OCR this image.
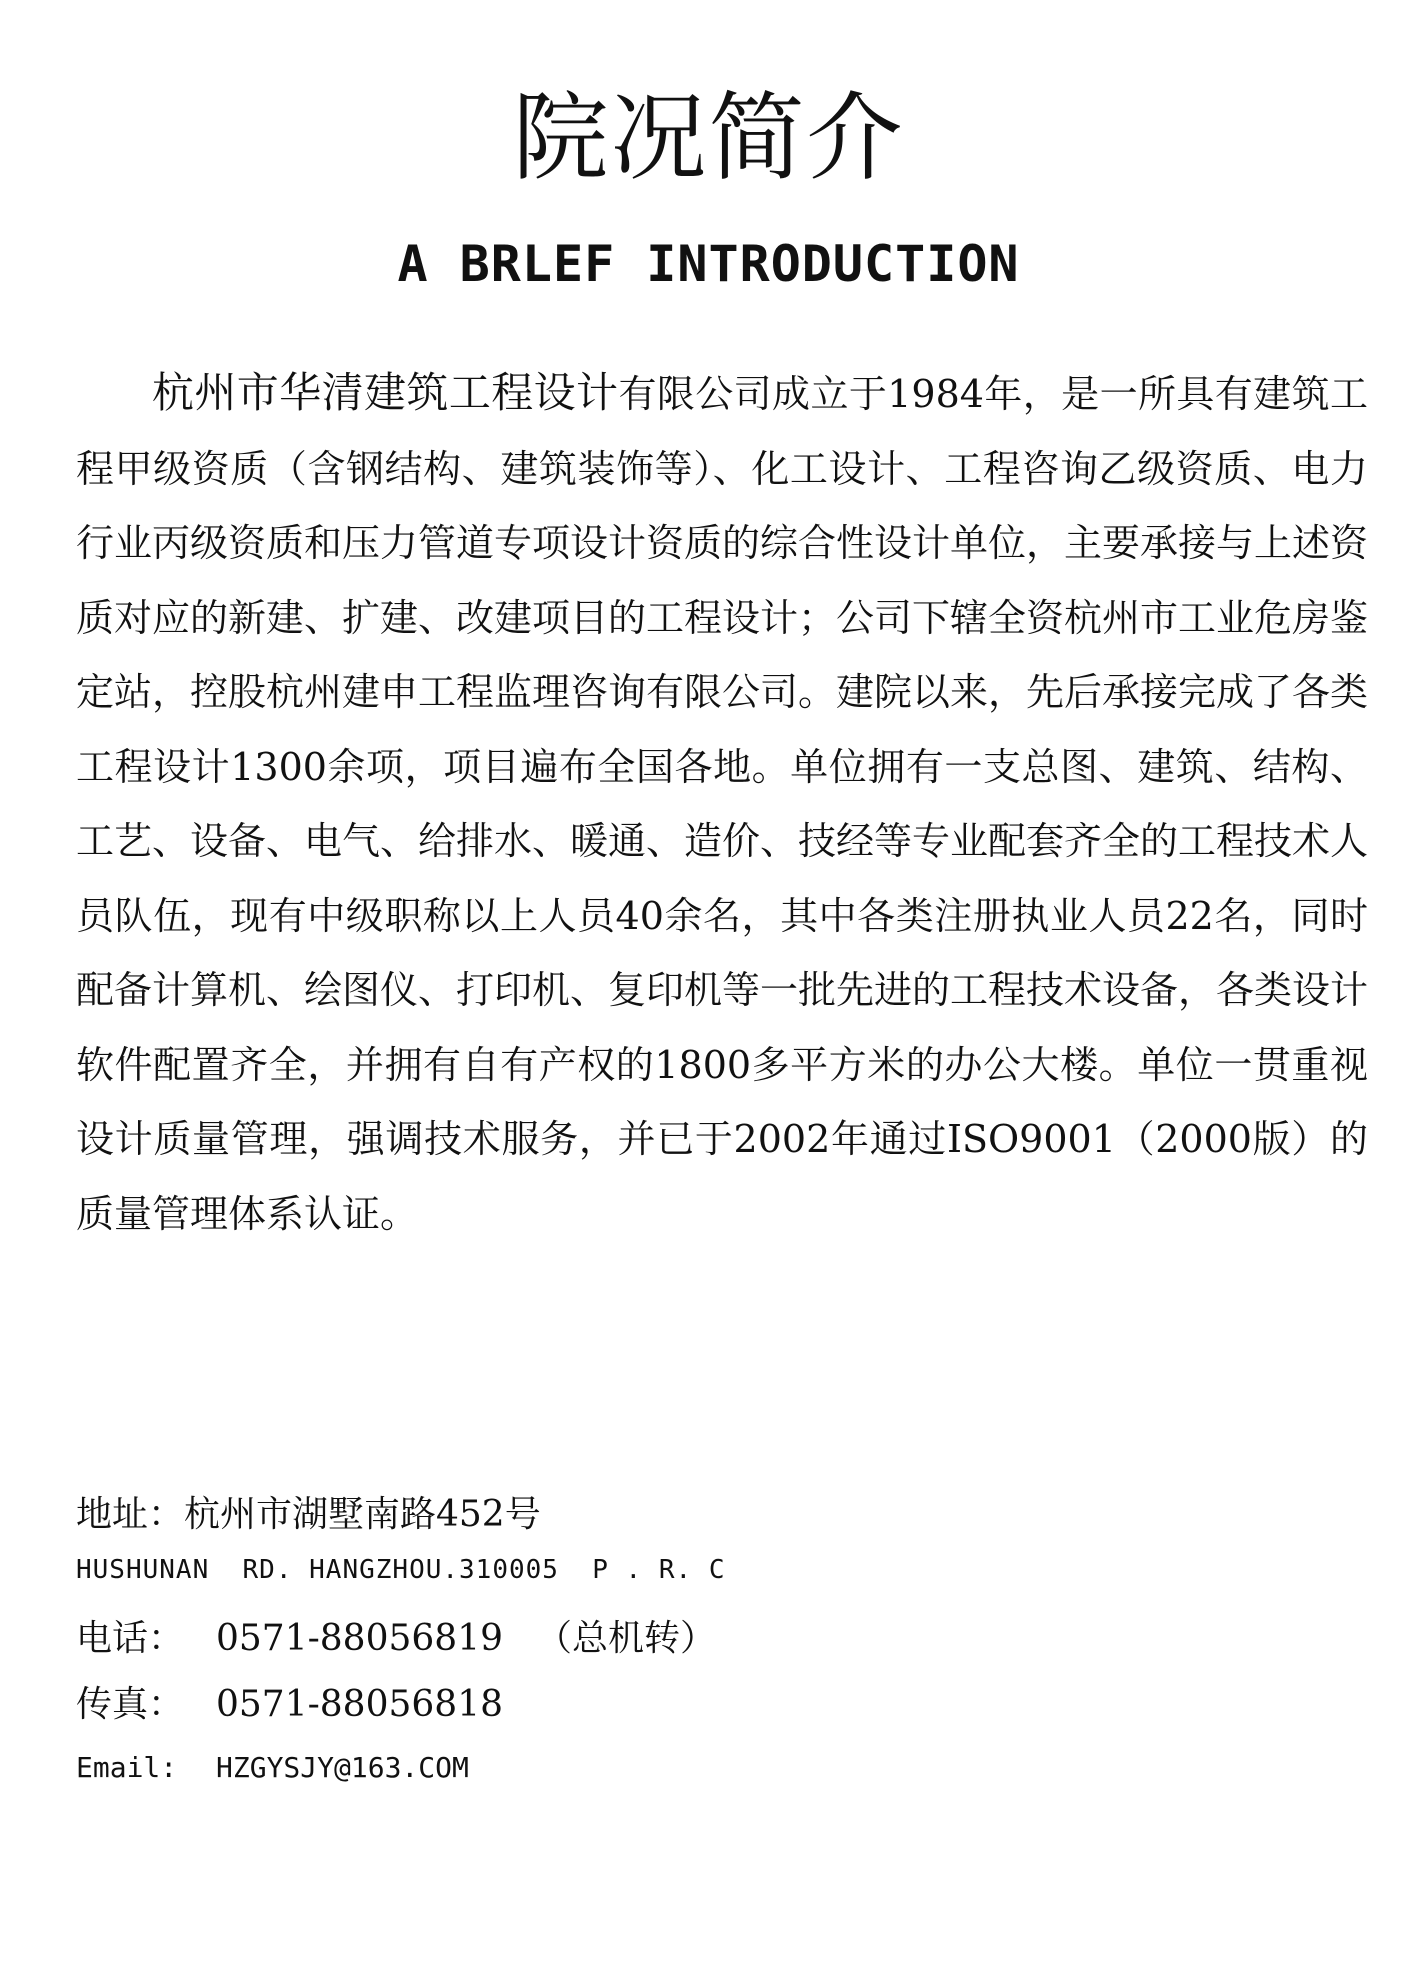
院况简介
A BRLEF INTRODUCTION

杭州市华清建筑工程设计有限公司成立于1984年，是一所具有建筑工程甲级资质（含钢结构、建筑装饰等）、化工设计、工程咨询乙级资质、电力行业丙级资质和压力管道专项设计资质的综合性设计单位，主要承接与上述资质对应的新建、扩建、改建项目的工程设计；公司下辖全资杭州市工业危房鉴定站，控股杭州建申工程监理咨询有限公司。建院以来，先后承接完成了各类工程设计1300余项，项目遍布全国各地。单位拥有一支总图、建筑、结构、工艺、设备、电气、给排水、暖通、造价、技经等专业配套齐全的工程技术人员队伍，现有中级职称以上人员40余名，其中各类注册执业人员22名，同时配备计算机、绘图仪、打印机、复印机等一批先进的工程技术设备，各类设计软件配置齐全，并拥有自有产权的1800多平方米的办公大楼。单位一贯重视设计质量管理，强调技术服务，并已于2002年通过ISO9001（2000版）的质量管理体系认证。

地址：杭州市湖墅南路452号

HUSHUNAN  RD. HANGZHOU.310005  P . R. C

电话： 0571-88056819 （总机转）

传真： 0571-88056818

Email: HZGYSJY@163.COM
